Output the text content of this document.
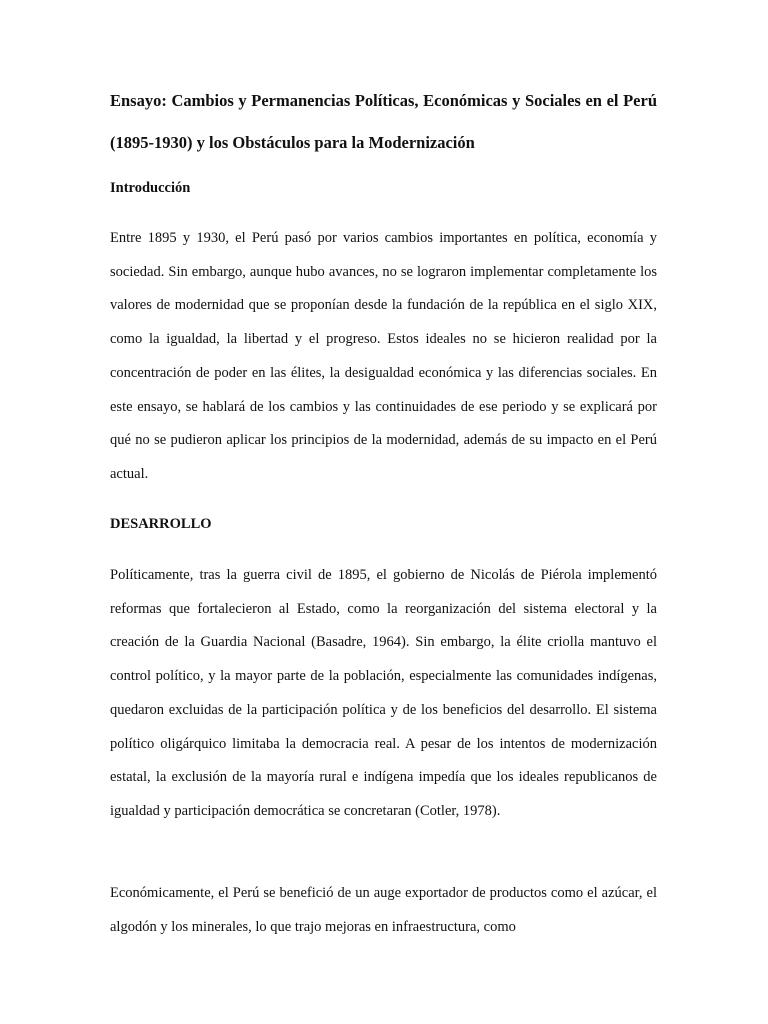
Ensayo: Cambios y Permanencias Políticas, Económicas y Sociales en el Perú (1895-1930) y los Obstáculos para la Modernización
Introducción

Entre 1895 y 1930, el Perú pasó por varios cambios importantes en política, economía y sociedad. Sin embargo, aunque hubo avances, no se lograron implementar completamente los valores de modernidad que se proponían desde la fundación de la república en el siglo XIX, como la igualdad, la libertad y el progreso. Estos ideales no se hicieron realidad por la concentración de poder en las élites, la desigualdad económica y las diferencias sociales. En este ensayo, se hablará de los cambios y las continuidades de ese periodo y se explicará por qué no se pudieron aplicar los principios de la modernidad, además de su impacto en el Perú actual.

DESARROLLO

Políticamente, tras la guerra civil de 1895, el gobierno de Nicolás de Piérola implementó reformas que fortalecieron al Estado, como la reorganización del sistema electoral y la creación de la Guardia Nacional (Basadre, 1964). Sin embargo, la élite criolla mantuvo el control político, y la mayor parte de la población, especialmente las comunidades indígenas, quedaron excluidas de la participación política y de los beneficios del desarrollo. El sistema político oligárquico limitaba la democracia real. A pesar de los intentos de modernización estatal, la exclusión de la mayoría rural e indígena impedía que los ideales republicanos de igualdad y participación democrática se concretaran (Cotler, 1978).

Económicamente, el Perú se benefició de un auge exportador de productos como el azúcar, el algodón y los minerales, lo que trajo mejoras en infraestructura, como
